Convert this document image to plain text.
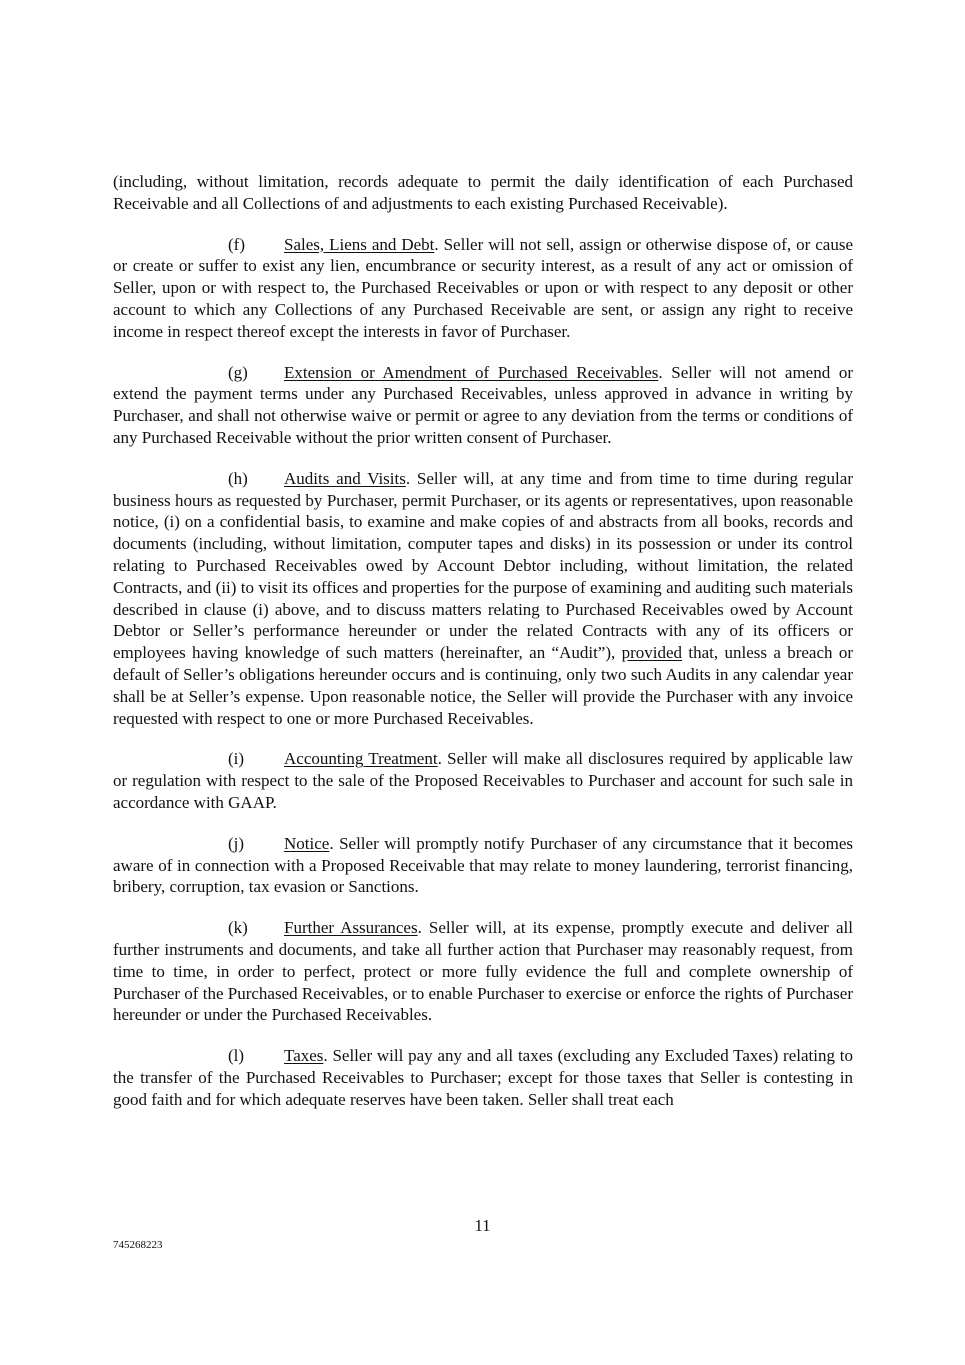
(including, without limitation, records adequate to permit the daily identification of each Purchased Receivable and all Collections of and adjustments to each existing Purchased Receivable).

(f) Sales, Liens and Debt. Seller will not sell, assign or otherwise dispose of, or cause or create or suffer to exist any lien, encumbrance or security interest, as a result of any act or omission of Seller, upon or with respect to, the Purchased Receivables or upon or with respect to any deposit or other account to which any Collections of any Purchased Receivable are sent, or assign any right to receive income in respect thereof except the interests in favor of Purchaser.

(g) Extension or Amendment of Purchased Receivables. Seller will not amend or extend the payment terms under any Purchased Receivables, unless approved in advance in writing by Purchaser, and shall not otherwise waive or permit or agree to any deviation from the terms or conditions of any Purchased Receivable without the prior written consent of Purchaser.

(h) Audits and Visits. Seller will, at any time and from time to time during regular business hours as requested by Purchaser, permit Purchaser, or its agents or representatives, upon reasonable notice, (i) on a confidential basis, to examine and make copies of and abstracts from all books, records and documents (including, without limitation, computer tapes and disks) in its possession or under its control relating to Purchased Receivables owed by Account Debtor including, without limitation, the related Contracts, and (ii) to visit its offices and properties for the purpose of examining and auditing such materials described in clause (i) above, and to discuss matters relating to Purchased Receivables owed by Account Debtor or Seller’s performance hereunder or under the related Contracts with any of its officers or employees having knowledge of such matters (hereinafter, an “Audit”), provided that, unless a breach or default of Seller’s obligations hereunder occurs and is continuing, only two such Audits in any calendar year shall be at Seller’s expense. Upon reasonable notice, the Seller will provide the Purchaser with any invoice requested with respect to one or more Purchased Receivables.

(i) Accounting Treatment. Seller will make all disclosures required by applicable law or regulation with respect to the sale of the Proposed Receivables to Purchaser and account for such sale in accordance with GAAP.

(j) Notice. Seller will promptly notify Purchaser of any circumstance that it becomes aware of in connection with a Proposed Receivable that may relate to money laundering, terrorist financing, bribery, corruption, tax evasion or Sanctions.

(k) Further Assurances. Seller will, at its expense, promptly execute and deliver all further instruments and documents, and take all further action that Purchaser may reasonably request, from time to time, in order to perfect, protect or more fully evidence the full and complete ownership of Purchaser of the Purchased Receivables, or to enable Purchaser to exercise or enforce the rights of Purchaser hereunder or under the Purchased Receivables.

(l) Taxes. Seller will pay any and all taxes (excluding any Excluded Taxes) relating to the transfer of the Purchased Receivables to Purchaser; except for those taxes that Seller is contesting in good faith and for which adequate reserves have been taken. Seller shall treat each

11
745268223
